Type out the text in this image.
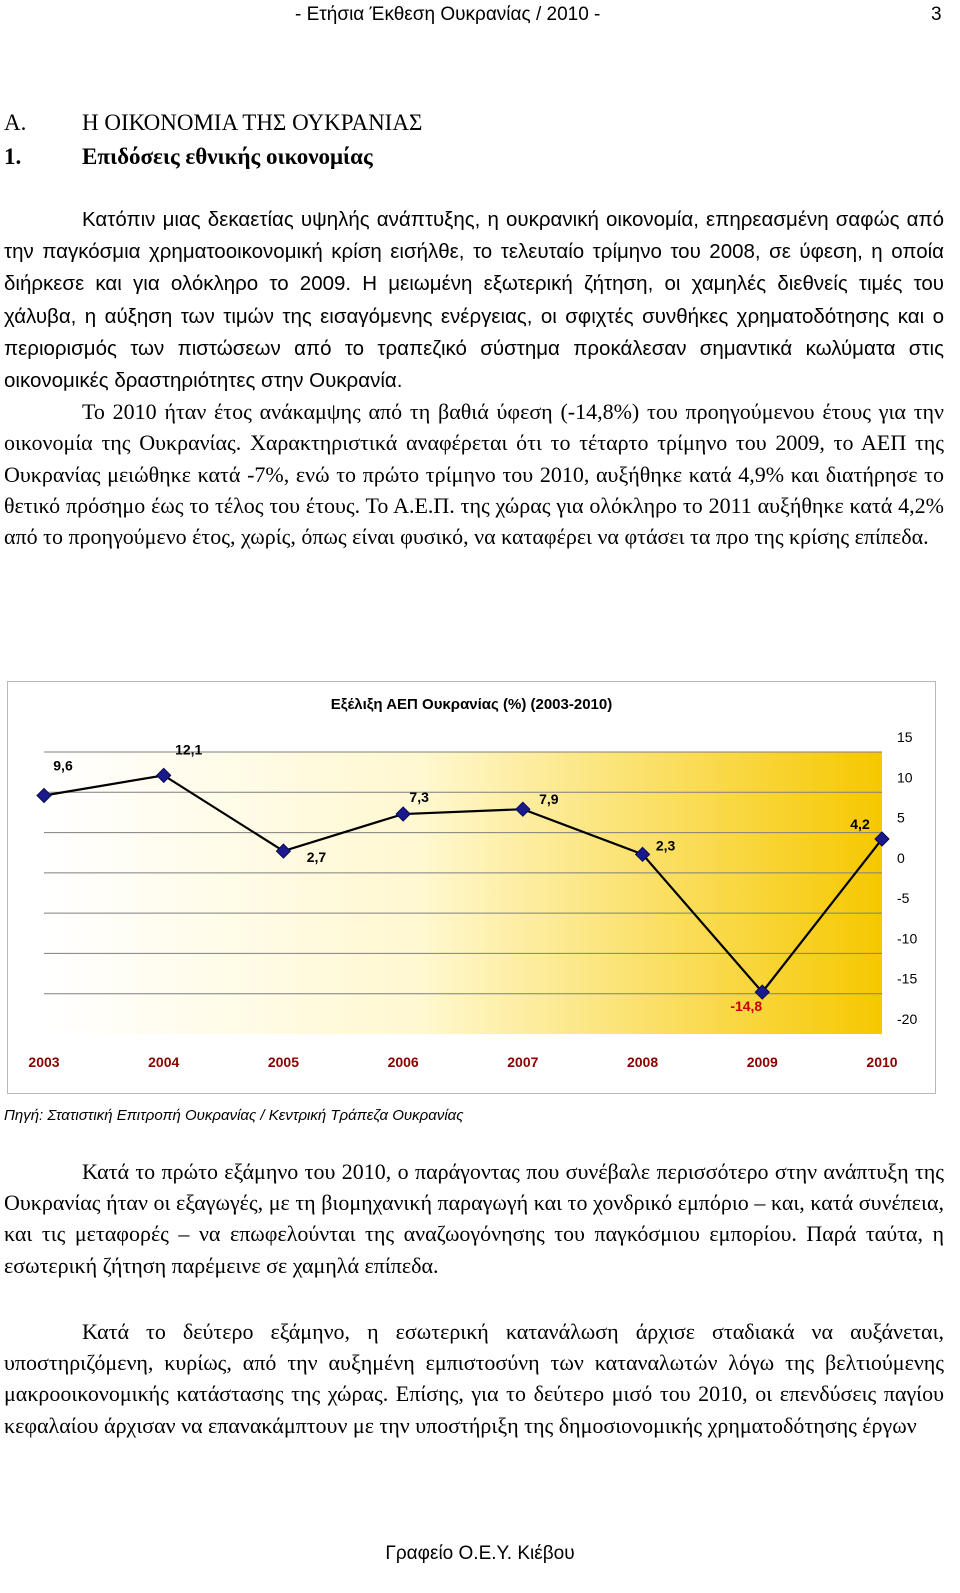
- Ετήσια Έκθεση Ουκρανίας / 2010 -	3
Α. Η ΟΙΚΟΝΟΜΙΑ ΤΗΣ ΟΥΚΡΑΝΙΑΣ
1.	Επιδόσεις εθνικής οικονομίας

Κατόπιν μιας δεκαετίας υψηλής ανάπτυξης, η ουκρανική οικονομία, επηρεασμένη σαφώς από την παγκόσμια χρηματοοικονομική κρίση εισήλθε, το τελευταίο τρίμηνο του 2008, σε ύφεση, η οποία διήρκεσε και για ολόκληρο το 2009. Η μειωμένη εξωτερική ζήτηση, οι χαμηλές διεθνείς τιμές του χάλυβα, η αύξηση των τιμών της εισαγόμενης ενέργειας, οι σφιχτές συνθήκες χρηματοδότησης και ο περιορισμός των πιστώσεων από το τραπεζικό σύστημα προκάλεσαν σημαντικά κωλύματα στις οικονομικές δραστηριότητες στην Ουκρανία.
Το 2010 ήταν έτος ανάκαμψης από τη βαθιά ύφεση (-14,8%) του προηγούμενου έτους για την οικονομία της Ουκρανίας. Χαρακτηριστικά αναφέρεται ότι το τέταρτο τρίμηνο του 2009, το ΑΕΠ της Ουκρανίας μειώθηκε κατά -7%, ενώ το πρώτο τρίμηνο του 2010, αυξήθηκε κατά 4,9% και διατήρησε το θετικό πρόσημο έως το τέλος του έτους. Το Α.Ε.Π. της χώρας για ολόκληρο το 2011 αυξήθηκε κατά 4,2% από το προηγούμενο έτος, χωρίς, όπως είναι φυσικό, να καταφέρει να φτάσει τα προ της κρίσης επίπεδα.

Εξέλιξη ΑΕΠ Ουκρανίας (%) (2003-2010)
15
10
5
0
-5
-10
-15
-20
2003	2004	2005	2006	2007	2008	2009	2010
9,6
12,1
2,7
7,3	7,9
2,3
-14,8
4,2
Πηγή: Στατιστική Επιτροπή Ουκρανίας / Κεντρική Τράπεζα Ουκρανίας

Κατά το πρώτο εξάμηνο του 2010, ο παράγοντας που συνέβαλε περισσότερο στην ανάπτυξη της Ουκρανίας ήταν οι εξαγωγές, με τη βιομηχανική παραγωγή και το χονδρικό εμπόριο – και, κατά συνέπεια, και τις μεταφορές – να επωφελούνται της αναζωογόνησης του παγκόσμιου εμπορίου. Παρά ταύτα, η εσωτερική ζήτηση παρέμεινε σε χαμηλά επίπεδα.

Κατά το δεύτερο εξάμηνο, η εσωτερική κατανάλωση άρχισε σταδιακά να αυξάνεται, υποστηριζόμενη, κυρίως, από την αυξημένη εμπιστοσύνη των καταναλωτών λόγω της βελτιούμενης μακροοικονομικής κατάστασης της χώρας. Επίσης, για το δεύτερο μισό του 2010, οι επενδύσεις παγίου κεφαλαίου άρχισαν να επανακάμπτουν με την υποστήριξη της δημοσιονομικής χρηματοδότησης έργων

Γραφείο Ο.Ε.Υ. Κιέβου
